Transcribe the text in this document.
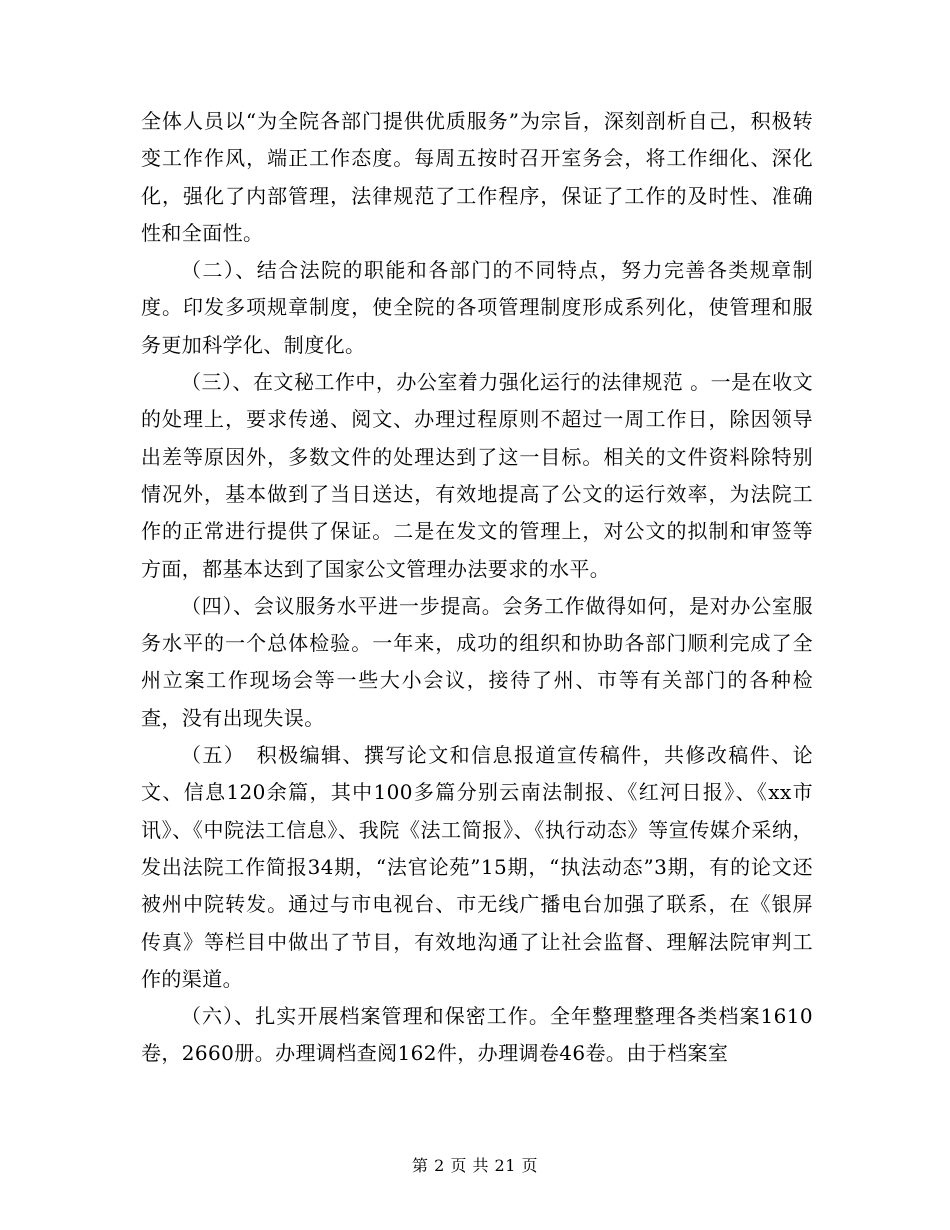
全体人员以“为全院各部门提供优质服务”为宗旨，深刻剖析自己，积极转变工作作风，端正工作态度。每周五按时召开室务会，将工作细化、深化化，强化了内部管理，法律规范了工作程序，保证了工作的及时性、准确性和全面性。

（二）、结合法院的职能和各部门的不同特点，努力完善各类规章制度。印发多项规章制度，使全院的各项管理制度形成系列化，使管理和服务更加科学化、制度化。

（三）、在文秘工作中，办公室着力强化运行的法律规范 。一是在收文的处理上，要求传递、阅文、办理过程原则不超过一周工作日，除因领导出差等原因外，多数文件的处理达到了这一目标。相关的文件资料除特别情况外，基本做到了当日送达，有效地提高了公文的运行效率，为法院工作的正常进行提供了保证。二是在发文的管理上，对公文的拟制和审签等方面，都基本达到了国家公文管理办法要求的水平。

（四）、会议服务水平进一步提高。会务工作做得如何，是对办公室服务水平的一个总体检验。一年来，成功的组织和协助各部门顺利完成了全州立案工作现场会等一些大小会议，接待了州、市等有关部门的各种检查，没有出现失误。

（五）　积极编辑、撰写论文和信息报道宣传稿件，共修改稿件、论文、信息120余篇，其中100多篇分别云南法制报、《红河日报》、《xx市讯》、《中院法工信息》、我院《法工简报》、《执行动态》等宣传媒介采纳，发出法院工作简报34期，“法官论苑”15期，“执法动态”3期，有的论文还被州中院转发。通过与市电视台、市无线广播电台加强了联系，在《银屏传真》等栏目中做出了节目，有效地沟通了让社会监督、理解法院审判工作的渠道。

（六）、扎实开展档案管理和保密工作。全年整理整理各类档案1610卷，2660册。办理调档查阅162件，办理调卷46卷。由于档案室

第 2 页 共 21 页
